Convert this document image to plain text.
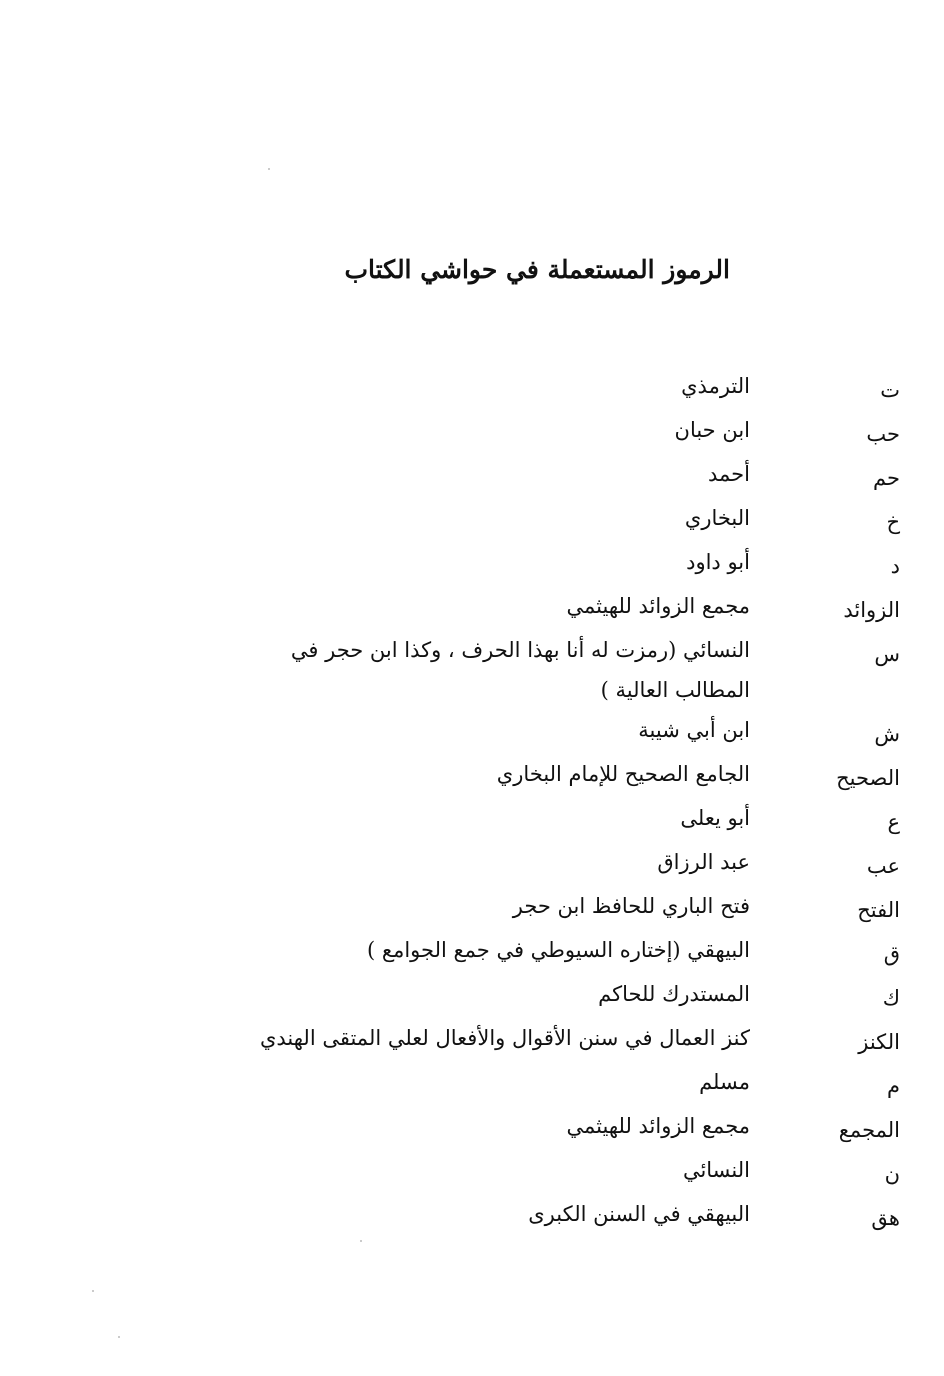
الرموز المستعملة في حواشي الكتاب
ت
الترمذي
حب
ابن حبان
حم
أحمد
خ
البخاري
د
أبو داود
الزوائد
مجمع الزوائد للهيثمي
س
النسائي (رمزت له أنا بهذا الحرف ، وكذا ابن حجر في
المطالب العالية )
ش
ابن أبي شيبة
الصحيح
الجامع الصحيح للإمام البخاري
ع
أبو يعلى
عب
عبد الرزاق
الفتح
فتح الباري للحافظ ابن حجر
ق
البيهقي (إختاره السيوطي في جمع الجوامع )
ك
المستدرك للحاكم
الكنز
كنز العمال في سنن الأقوال والأفعال لعلي المتقى الهندي
م
مسلم
المجمع
مجمع الزوائد للهيثمي
ن
النسائي
هق
البيهقي في السنن الكبرى
